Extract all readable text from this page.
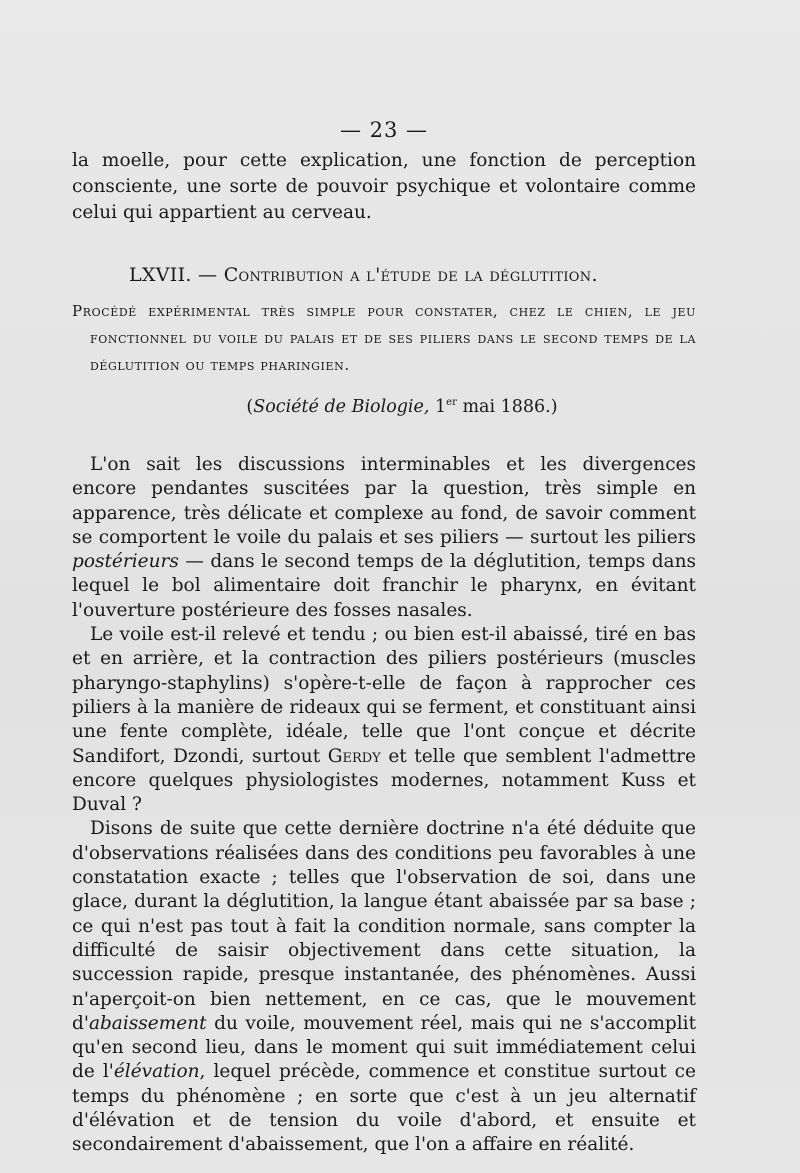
— 23 —

la moelle, pour cette explication, une fonction de perception consciente, une sorte de pouvoir psychique et volontaire comme celui qui appartient au cerveau.

LXVII. — Contribution a l'étude de la déglutition.

Procédé expérimental très simple pour constater, chez le chien, le jeu fonctionnel du voile du palais et de ses piliers dans le second temps de la déglutition ou temps pharingien.

(Société de Biologie, 1er mai 1886.)

L'on sait les discussions interminables et les divergences encore pendantes suscitées par la question, très simple en apparence, très délicate et complexe au fond, de savoir comment se comportent le voile du palais et ses piliers — surtout les piliers postérieurs — dans le second temps de la déglutition, temps dans lequel le bol alimentaire doit franchir le pharynx, en évitant l'ouverture postérieure des fosses nasales.

Le voile est-il relevé et tendu ; ou bien est-il abaissé, tiré en bas et en arrière, et la contraction des piliers postérieurs (muscles pharyngo-staphylins) s'opère-t-elle de façon à rapprocher ces piliers à la manière de rideaux qui se ferment, et constituant ainsi une fente complète, idéale, telle que l'ont conçue et décrite Sandifort, Dzondi, surtout Gerdy et telle que semblent l'admettre encore quelques physiologistes modernes, notamment Kuss et Duval ?

Disons de suite que cette dernière doctrine n'a été déduite que d'observations réalisées dans des conditions peu favorables à une constatation exacte ; telles que l'observation de soi, dans une glace, durant la déglutition, la langue étant abaissée par sa base ; ce qui n'est pas tout à fait la condition normale, sans compter la difficulté de saisir objectivement dans cette situation, la succession rapide, presque instantanée, des phénomènes. Aussi n'aperçoit-on bien nettement, en ce cas, que le mouvement d'abaissement du voile, mouvement réel, mais qui ne s'accomplit qu'en second lieu, dans le moment qui suit immédiatement celui de l'élévation, lequel précède, commence et constitue surtout ce temps du phénomène ; en sorte que c'est à un jeu alternatif d'élévation et de tension du voile d'abord, et ensuite et secondairement d'abaissement, que l'on a affaire en réalité.
